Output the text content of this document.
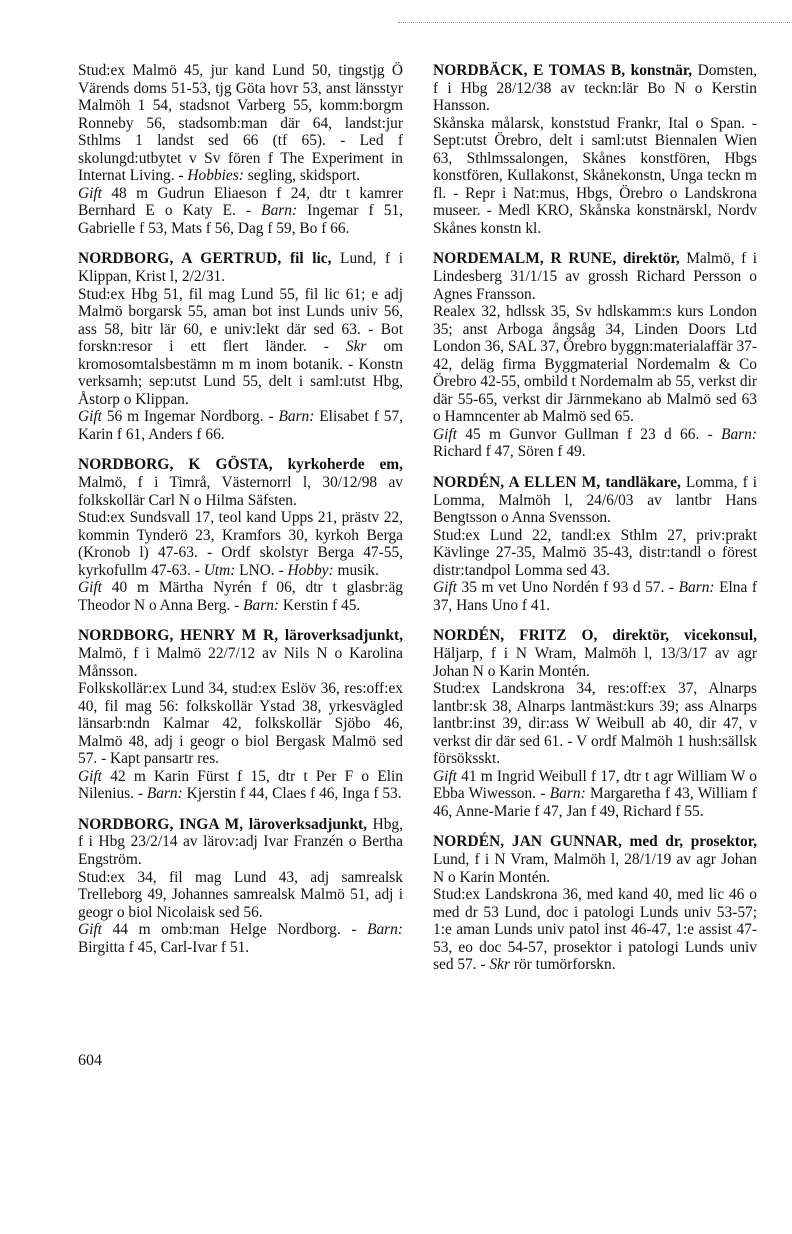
Stud:ex Malmö 45, jur kand Lund 50, tingstjg Ö Värends doms 51-53, tjg Göta hovr 53, anst länsstyr Malmöh 1 54, stadsnot Varberg 55, komm:borgm Ronneby 56, stadsomb:man där 64, landst:jur Sthlms 1 landst sed 66 (tf 65). - Led f skolungd:utbytet v Sv fören f The Experiment in Internat Living. - Hobbies: segling, skidsport.
Gift 48 m Gudrun Eliaeson f 24, dtr t kamrer Bernhard E o Katy E. - Barn: Ingemar f 51, Gabrielle f 53, Mats f 56, Dag f 59, Bo f 66.
NORDBORG, A GERTRUD, fil lic, Lund, f i Klippan, Krist l, 2/2/31.
Stud:ex Hbg 51, fil mag Lund 55, fil lic 61; e adj Malmö borgarsk 55, aman bot inst Lunds univ 56, ass 58, bitr lär 60, e univ:lekt där sed 63. - Bot forskn:resor i ett flert länder. - Skr om kromosomtalsbestämn m m inom botanik. - Konstn verksamh; sep:utst Lund 55, delt i saml:utst Hbg, Åstorp o Klippan.
Gift 56 m Ingemar Nordborg. - Barn: Elisabet f 57, Karin f 61, Anders f 66.
NORDBORG, K GÖSTA, kyrkoherde em, Malmö, f i Timrå, Västernorrl l, 30/12/98 av folkskollär Carl N o Hilma Säfsten.
Stud:ex Sundsvall 17, teol kand Upps 21, prästv 22, kommin Tynderö 23, Kramfors 30, kyrkoh Berga (Kronob l) 47-63. - Ordf skolstyr Berga 47-55, kyrkofullm 47-63. - Utm: LNO. - Hobby: musik.
Gift 40 m Märtha Nyrén f 06, dtr t glasbr:äg Theodor N o Anna Berg. - Barn: Kerstin f 45.
NORDBORG, HENRY M R, läroverksadjunkt, Malmö, f i Malmö 22/7/12 av Nils N o Karolina Månsson.
Folkskollär:ex Lund 34, stud:ex Eslöv 36, res:off:ex 40, fil mag 56: folkskollär Ystad 38, yrkesvägled länsarb:ndn Kalmar 42, folkskollär Sjöbo 46, Malmö 48, adj i geogr o biol Bergask Malmö sed 57. - Kapt pansartr res.
Gift 42 m Karin Fürst f 15, dtr t Per F o Elin Nilenius. - Barn: Kjerstin f 44, Claes f 46, Inga f 53.
NORDBORG, INGA M, läroverksadjunkt, Hbg, f i Hbg 23/2/14 av lärov:adj Ivar Franzén o Bertha Engström.
Stud:ex 34, fil mag Lund 43, adj samrealsk Trelleborg 49, Johannes samrealsk Malmö 51, adj i geogr o biol Nicolaisk sed 56.
Gift 44 m omb:man Helge Nordborg. - Barn: Birgitta f 45, Carl-Ivar f 51.
NORDBÄCK, E TOMAS B, konstnär, Domsten, f i Hbg 28/12/38 av teckn:lär Bo N o Kerstin Hansson.
Skånska målarsk, konststud Frankr, Ital o Span. - Sept:utst Örebro, delt i saml:utst Biennalen Wien 63, Sthlmssalongen, Skånes konstfören, Hbgs konstfören, Kullakonst, Skånekonstn, Unga teckn m fl. - Repr i Nat:mus, Hbgs, Örebro o Landskrona museer. - Medl KRO, Skånska konstnärskl, Nordv Skånes konstn kl.
NORDEMALM, R RUNE, direktör, Malmö, f i Lindesberg 31/1/15 av grossh Richard Persson o Agnes Fransson.
Realex 32, hdlssk 35, Sv hdlskamm:s kurs London 35; anst Arboga ångsåg 34, Linden Doors Ltd London 36, SAL 37, Örebro byggn:materialaffär 37-42, deläg firma Byggmaterial Nordemalm & Co Örebro 42-55, ombild t Nordemalm ab 55, verkst dir där 55-65, verkst dir Järnmekano ab Malmö sed 63 o Hamncenter ab Malmö sed 65.
Gift 45 m Gunvor Gullman f 23 d 66. - Barn: Richard f 47, Sören f 49.
NORDÉN, A ELLEN M, tandläkare, Lomma, f i Lomma, Malmöh l, 24/6/03 av lantbr Hans Bengtsson o Anna Svensson.
Stud:ex Lund 22, tandl:ex Sthlm 27, priv:prakt Kävlinge 27-35, Malmö 35-43, distr:tandl o förest distr:tandpol Lomma sed 43.
Gift 35 m vet Uno Nordén f 93 d 57. - Barn: Elna f 37, Hans Uno f 41.
NORDÉN, FRITZ O, direktör, vicekonsul, Häljarp, f i N Wram, Malmöh l, 13/3/17 av agr Johan N o Karin Montén.
Stud:ex Landskrona 34, res:off:ex 37, Alnarps lantbr:sk 38, Alnarps lantmäst:kurs 39; ass Alnarps lantbr:inst 39, dir:ass W Weibull ab 40, dir 47, v verkst dir där sed 61. - V ordf Malmöh 1 hush:sällsk försöksskt.
Gift 41 m Ingrid Weibull f 17, dtr t agr William W o Ebba Wiwesson. - Barn: Margaretha f 43, William f 46, Anne-Marie f 47, Jan f 49, Richard f 55.
NORDÉN, JAN GUNNAR, med dr, prosektor, Lund, f i N Vram, Malmöh l, 28/1/19 av agr Johan N o Karin Montén.
Stud:ex Landskrona 36, med kand 40, med lic 46 o med dr 53 Lund, doc i patologi Lunds univ 53-57; 1:e aman Lunds univ patol inst 46-47, 1:e assist 47-53, eo doc 54-57, prosektor i patologi Lunds univ sed 57. - Skr rör tumörforskn.
604
